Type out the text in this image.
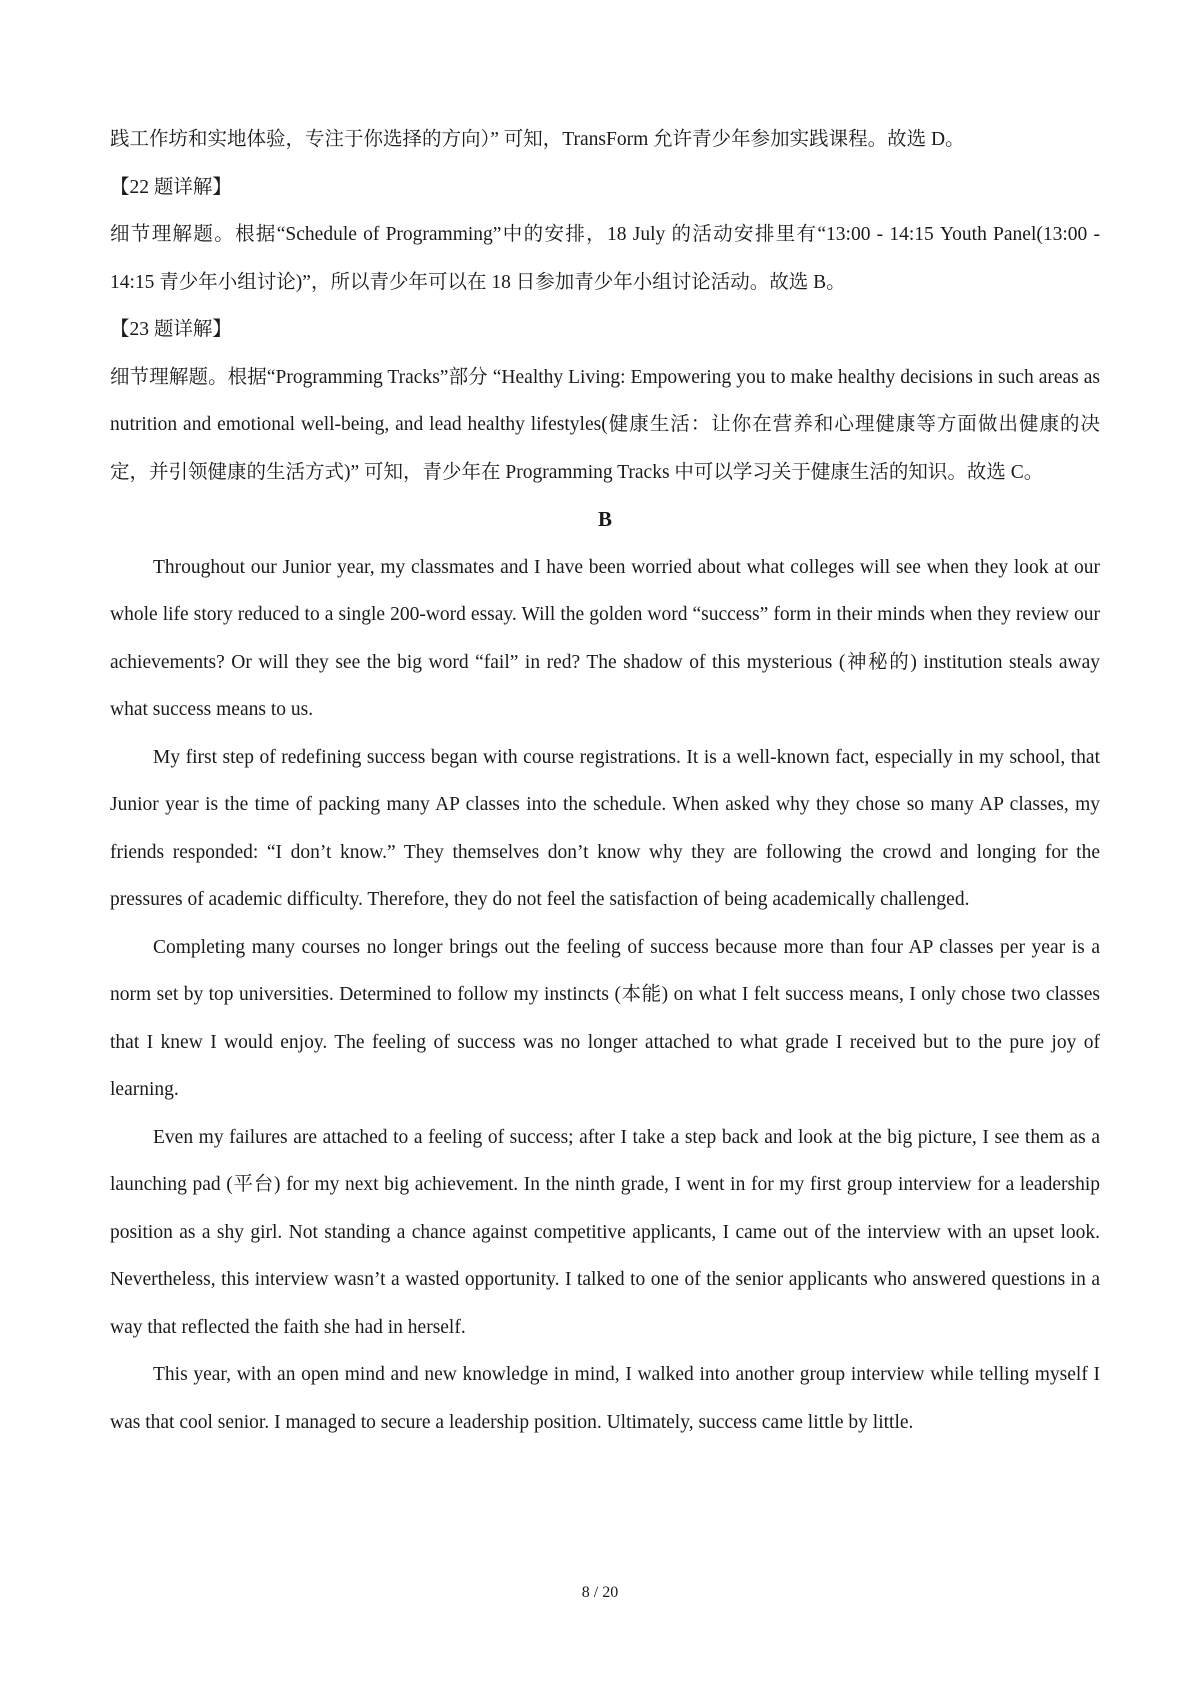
践工作坊和实地体验，专注于你选择的方向）” 可知，TransForm 允许青少年参加实践课程。故选 D。

【22 题详解】

细节理解题。根据“Schedule of Programming”中的安排，18 July 的活动安排里有“13:00 - 14:15 Youth Panel(13:00 - 14:15 青少年小组讨论)”，所以青少年可以在 18 日参加青少年小组讨论活动。故选 B。

【23 题详解】

细节理解题。根据“Programming Tracks”部分 “Healthy Living: Empowering you to make healthy decisions in such areas as nutrition and emotional well-being, and lead healthy lifestyles(健康生活：让你在营养和心理健康等方面做出健康的决定，并引领健康的生活方式)” 可知，青少年在 Programming Tracks 中可以学习关于健康生活的知识。故选 C。

B

Throughout our Junior year, my classmates and I have been worried about what colleges will see when they look at our whole life story reduced to a single 200-word essay. Will the golden word “success” form in their minds when they review our achievements? Or will they see the big word “fail” in red? The shadow of this mysterious (神秘的) institution steals away what success means to us.

My first step of redefining success began with course registrations. It is a well-known fact, especially in my school, that Junior year is the time of packing many AP classes into the schedule. When asked why they chose so many AP classes, my friends responded: “I don’t know.” They themselves don’t know why they are following the crowd and longing for the pressures of academic difficulty. Therefore, they do not feel the satisfaction of being academically challenged.

Completing many courses no longer brings out the feeling of success because more than four AP classes per year is a norm set by top universities. Determined to follow my instincts (本能) on what I felt success means, I only chose two classes that I knew I would enjoy. The feeling of success was no longer attached to what grade I received but to the pure joy of learning.

Even my failures are attached to a feeling of success; after I take a step back and look at the big picture, I see them as a launching pad (平台) for my next big achievement. In the ninth grade, I went in for my first group interview for a leadership position as a shy girl. Not standing a chance against competitive applicants, I came out of the interview with an upset look. Nevertheless, this interview wasn’t a wasted opportunity. I talked to one of the senior applicants who answered questions in a way that reflected the faith she had in herself.

This year, with an open mind and new knowledge in mind, I walked into another group interview while telling myself I was that cool senior. I managed to secure a leadership position. Ultimately, success came little by little.

8 / 20
